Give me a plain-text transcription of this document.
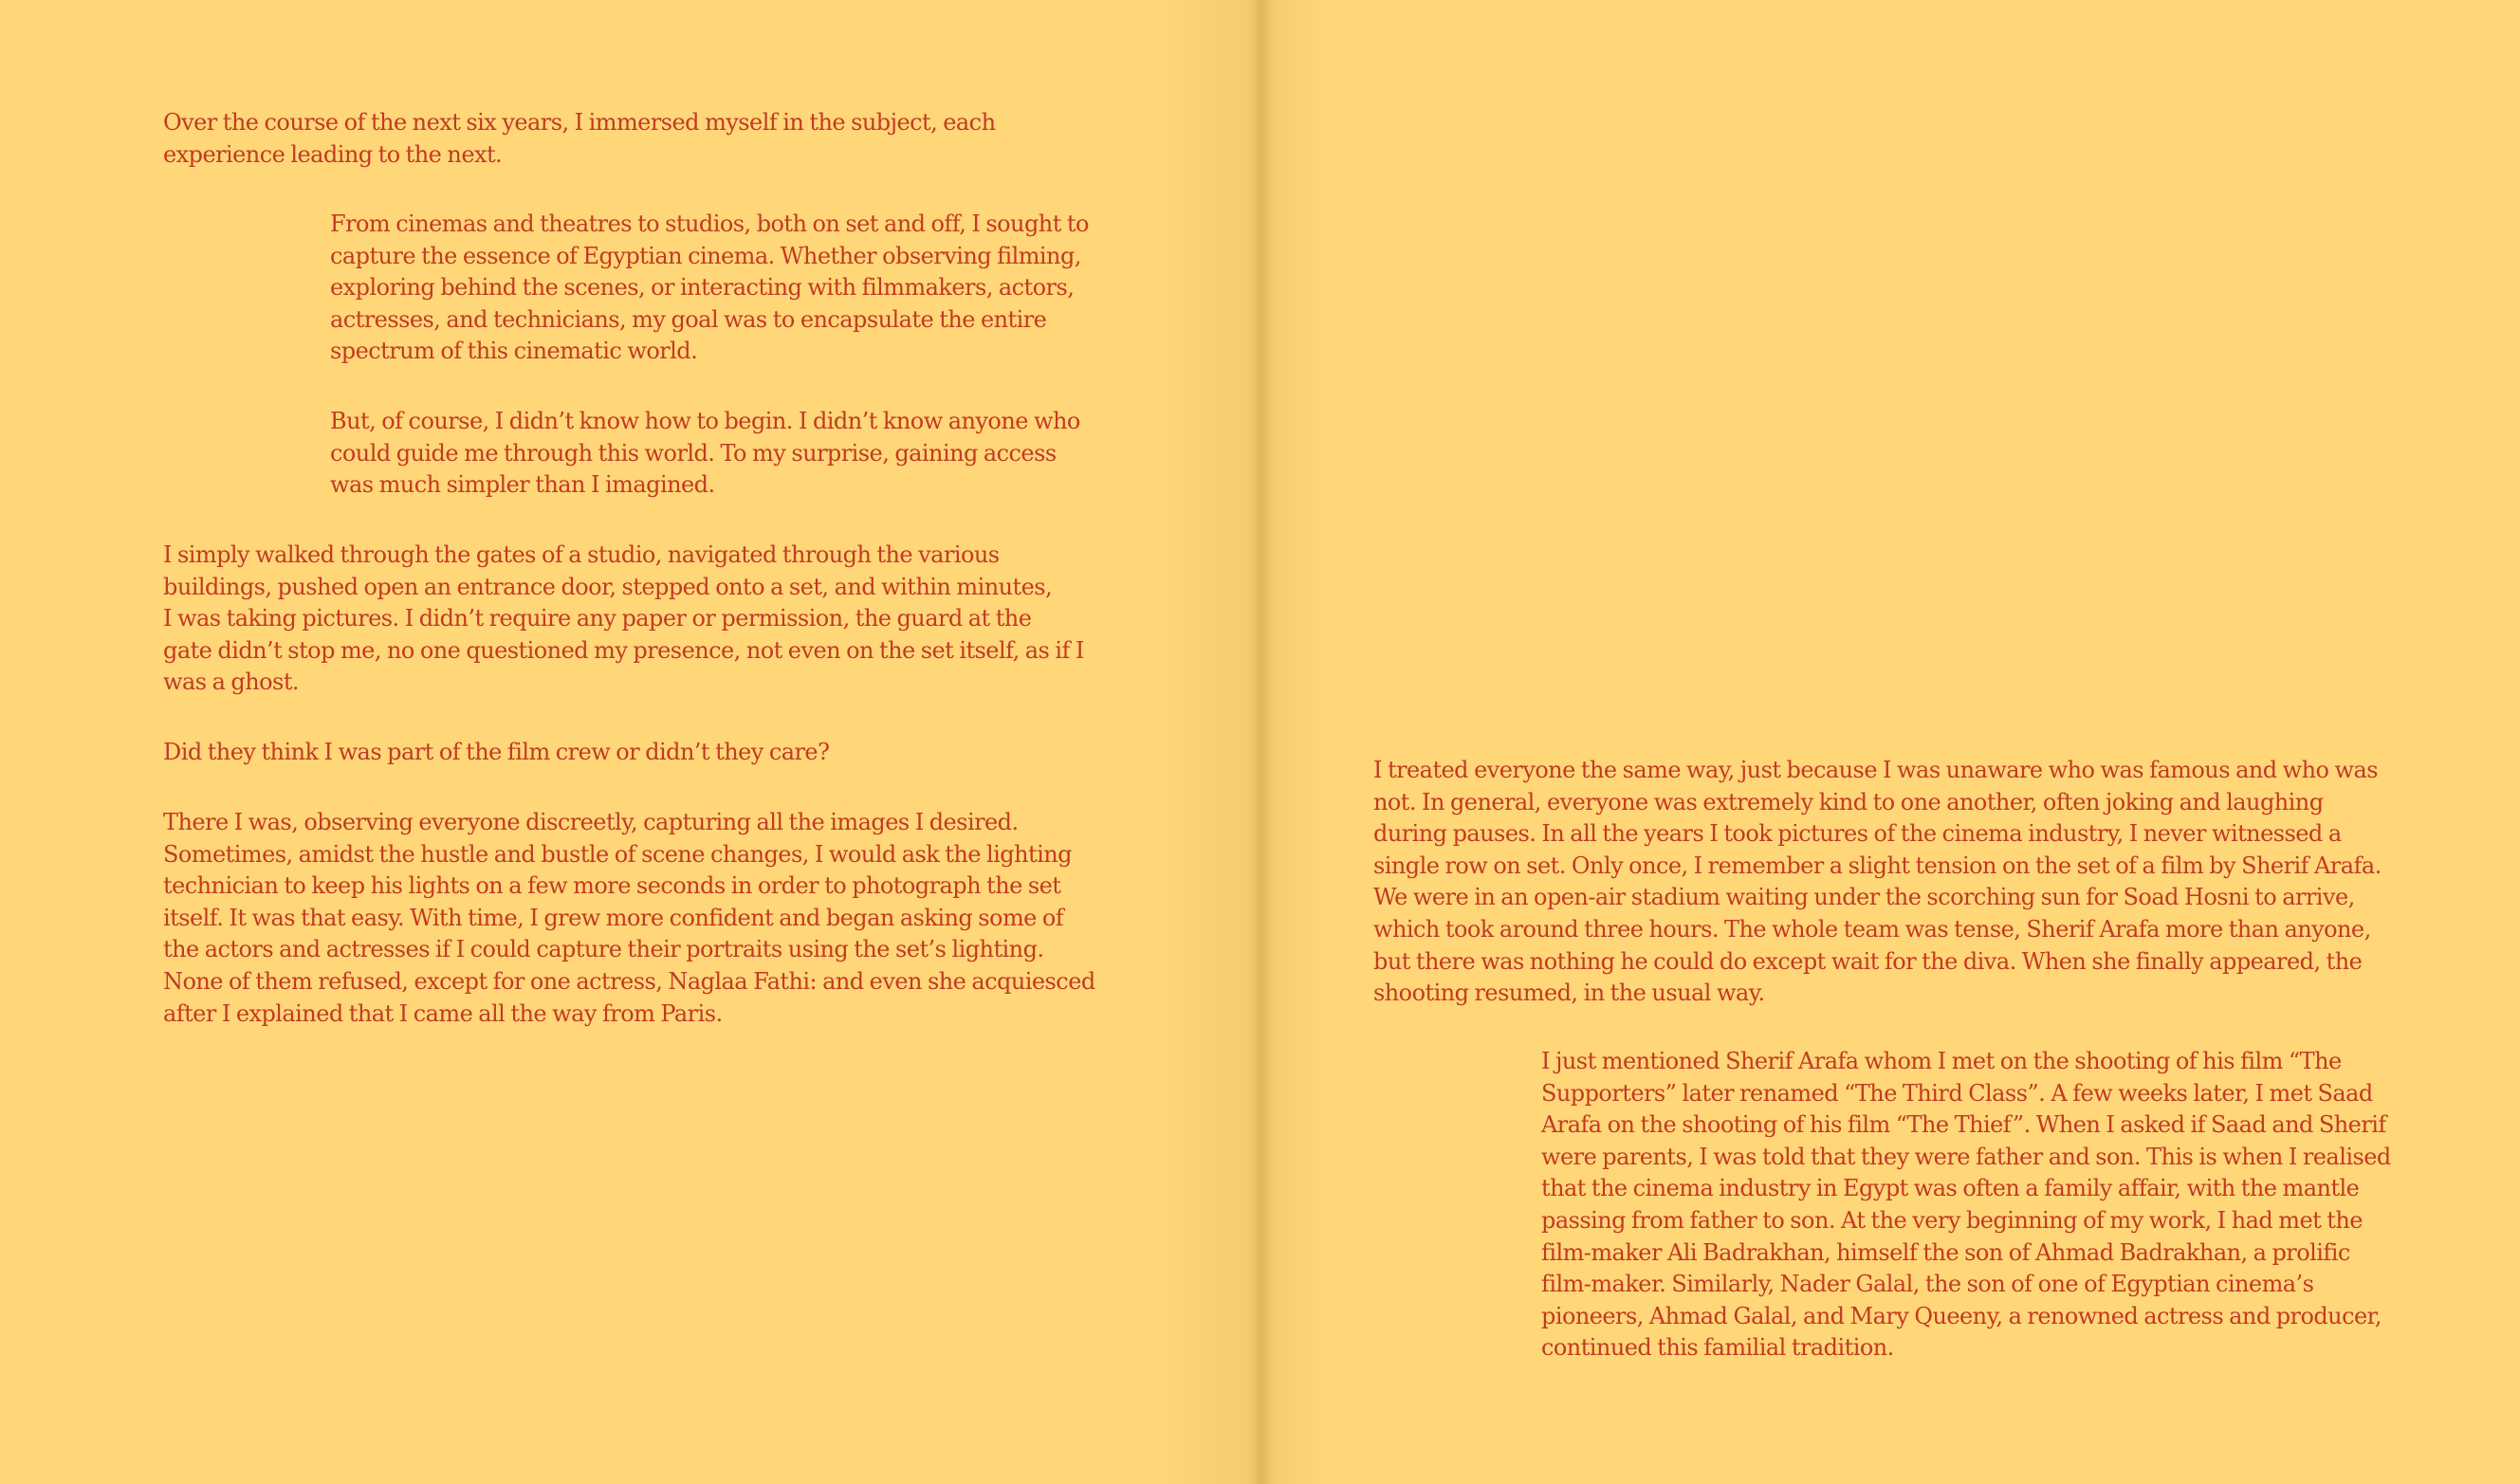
Over the course of the next six years, I immersed myself in the subject, each
experience leading to the next.

From cinemas and theatres to studios, both on set and off, I sought to
capture the essence of Egyptian cinema. Whether observing filming,
exploring behind the scenes, or interacting with filmmakers, actors,
actresses, and technicians, my goal was to encapsulate the entire
spectrum of this cinematic world.

But, of course, I didn’t know how to begin. I didn’t know anyone who
could guide me through this world. To my surprise, gaining access
was much simpler than I imagined.

I simply walked through the gates of a studio, navigated through the various
buildings, pushed open an entrance door, stepped onto a set, and within minutes,
I was taking pictures. I didn’t require any paper or permission, the guard at the
gate didn’t stop me, no one questioned my presence, not even on the set itself, as if I
was a ghost.

Did they think I was part of the film crew or didn’t they care?

There I was, observing everyone discreetly, capturing all the images I desired.
Sometimes, amidst the hustle and bustle of scene changes, I would ask the lighting
technician to keep his lights on a few more seconds in order to photograph the set
itself. It was that easy. With time, I grew more confident and began asking some of
the actors and actresses if I could capture their portraits using the set’s lighting.
None of them refused, except for one actress, Naglaa Fathi: and even she acquiesced
after I explained that I came all the way from Paris.

I treated everyone the same way, just because I was unaware who was famous and who was
not. In general, everyone was extremely kind to one another, often joking and laughing
during pauses. In all the years I took pictures of the cinema industry, I never witnessed a
single row on set. Only once, I remember a slight tension on the set of a film by Sherif Arafa.
We were in an open-air stadium waiting under the scorching sun for Soad Hosni to arrive,
which took around three hours. The whole team was tense, Sherif Arafa more than anyone,
but there was nothing he could do except wait for the diva. When she finally appeared, the
shooting resumed, in the usual way.

I just mentioned Sherif Arafa whom I met on the shooting of his film “The
Supporters” later renamed “The Third Class”. A few weeks later, I met Saad
Arafa on the shooting of his film “The Thief”. When I asked if Saad and Sherif
were parents, I was told that they were father and son. This is when I realised
that the cinema industry in Egypt was often a family affair, with the mantle
passing from father to son. At the very beginning of my work, I had met the
film-maker Ali Badrakhan, himself the son of Ahmad Badrakhan, a prolific
film-maker. Similarly, Nader Galal, the son of one of Egyptian cinema’s
pioneers, Ahmad Galal, and Mary Queeny, a renowned actress and producer,
continued this familial tradition.
